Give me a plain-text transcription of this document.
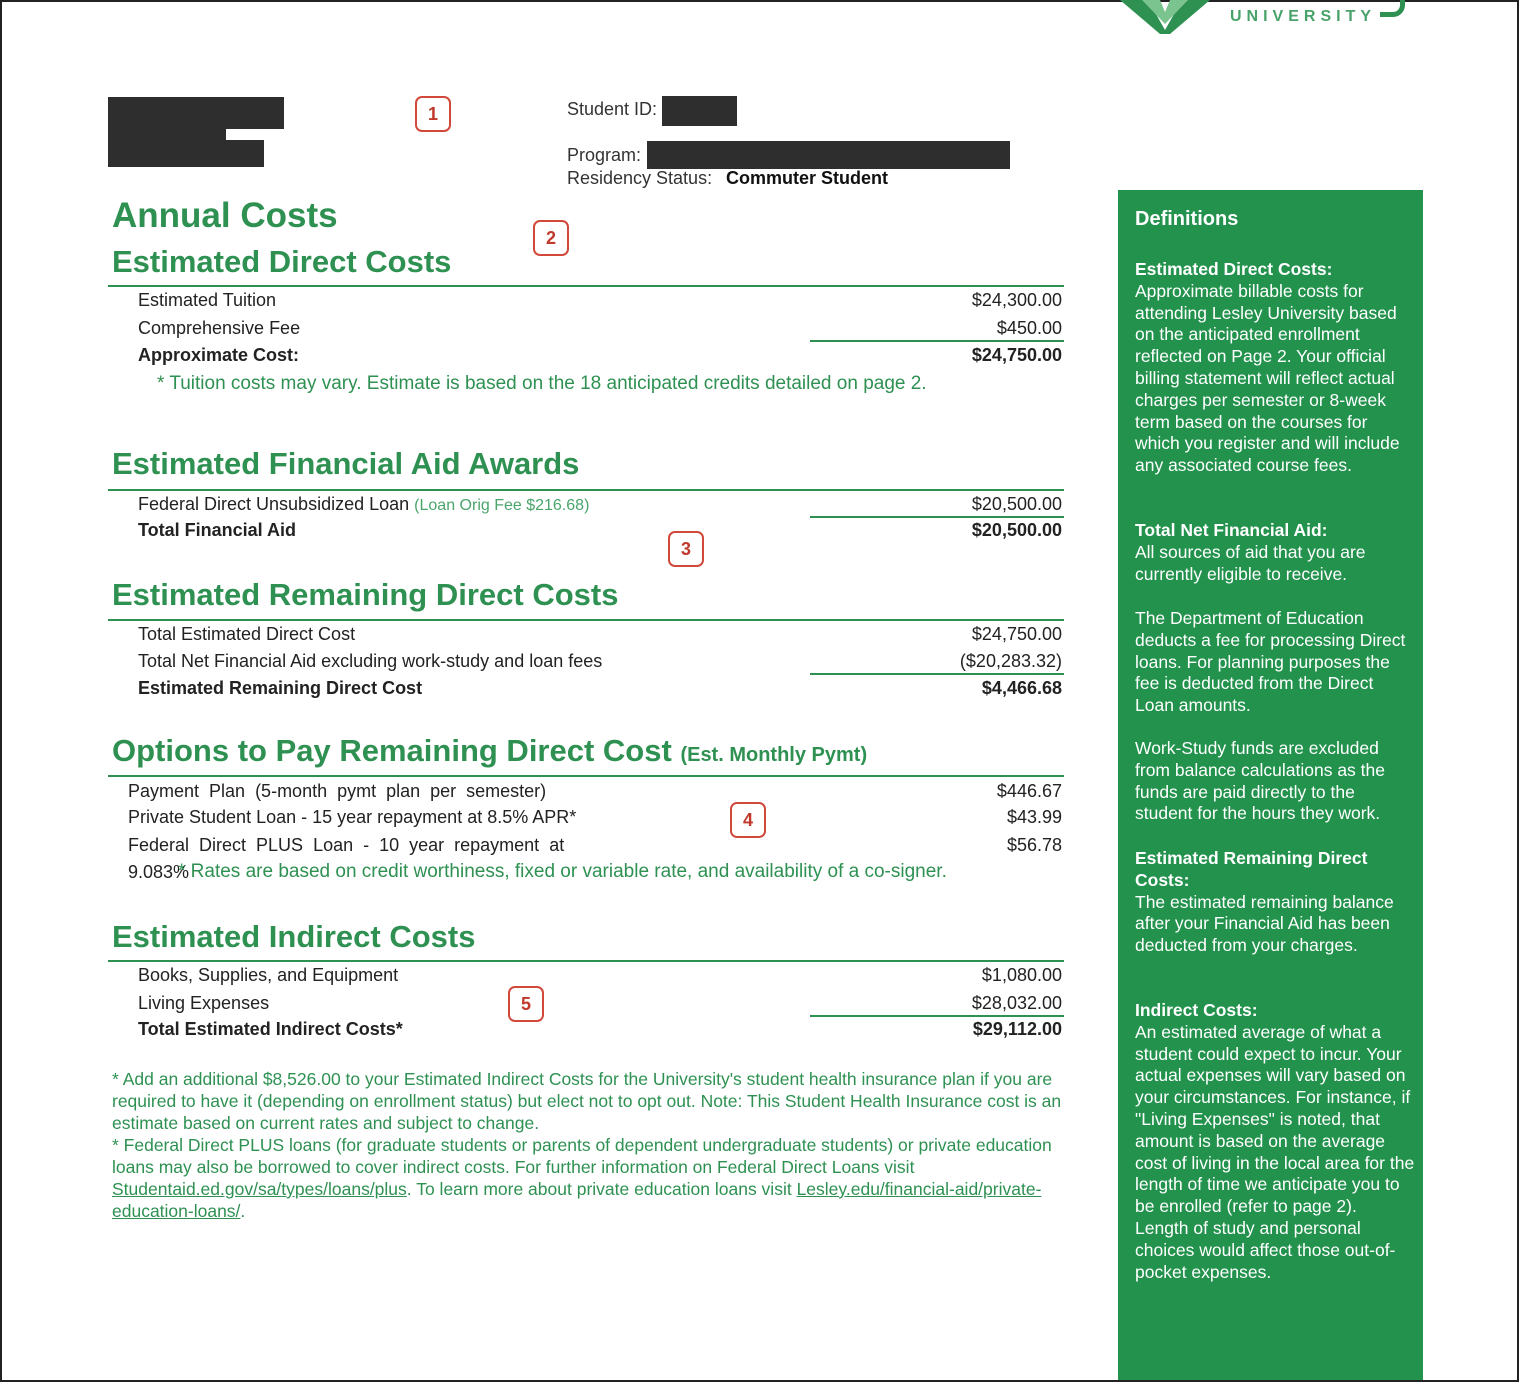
UNIVERSITY
1
2
3
4
5
Student ID:
Program:
Residency Status: Commuter Student
Annual Costs
Estimated Direct Costs
Estimated Tuition	$24,300.00
Comprehensive Fee	$450.00
Approximate Cost:	$24,750.00
* Tuition costs may vary. Estimate is based on the 18 anticipated credits detailed on page 2.
Estimated Financial Aid Awards
Federal Direct Unsubsidized Loan (Loan Orig Fee $216.68)	$20,500.00
Total Financial Aid	$20,500.00
Estimated Remaining Direct Costs
Total Estimated Direct Cost	$24,750.00
Total Net Financial Aid excluding work-study and loan fees	($20,283.32)
Estimated Remaining Direct Cost	$4,466.68
Options to Pay Remaining Direct Cost (Est. Monthly Pymt)
Payment  Plan  (5-month  pymt  plan  per  semester)	$446.67
Private Student Loan - 15 year repayment at 8.5% APR*	$43.99
Federal  Direct  PLUS  Loan  -  10  year  repayment  at	$56.78
9.083%
* Rates are based on credit worthiness, fixed or variable rate, and availability of a co-signer.
Estimated Indirect Costs
Books, Supplies, and Equipment	$1,080.00
Living Expenses	$28,032.00
Total Estimated Indirect Costs*	$29,112.00

* Add an additional $8,526.00 to your Estimated Indirect Costs for the University's student health insurance plan if you are required to have it (depending on enrollment status) but elect not to opt out. Note: This Student Health Insurance cost is an estimate based on current rates and subject to change.

* Federal Direct PLUS loans (for graduate students or parents of dependent undergraduate students) or private education loans may also be borrowed to cover indirect costs. For further information on Federal Direct Loans visit Studentaid.ed.gov/sa/types/loans/plus. To learn more about private education loans visit Lesley.edu/financial-aid/private-education-loans/.

Definitions
Estimated Direct Costs:
Approximate billable costs for attending Lesley University based on the anticipated enrollment reflected on Page 2. Your official billing statement will reflect actual charges per semester or 8-week term based on the courses for which you register and will include any associated course fees.
Total Net Financial Aid:
All sources of aid that you are currently eligible to receive.
The Department of Education deducts a fee for processing Direct loans. For planning purposes the fee is deducted from the Direct Loan amounts.
Work-Study funds are excluded from balance calculations as the funds are paid directly to the student for the hours they work.
Estimated Remaining Direct Costs:
The estimated remaining balance after your Financial Aid has been deducted from your charges.
Indirect Costs:
An estimated average of what a student could expect to incur. Your actual expenses will vary based on your circumstances. For instance, if "Living Expenses" is noted, that amount is based on the average cost of living in the local area for the length of time we anticipate you to be enrolled (refer to page 2). Length of study and personal choices would affect those out-of-pocket expenses.
